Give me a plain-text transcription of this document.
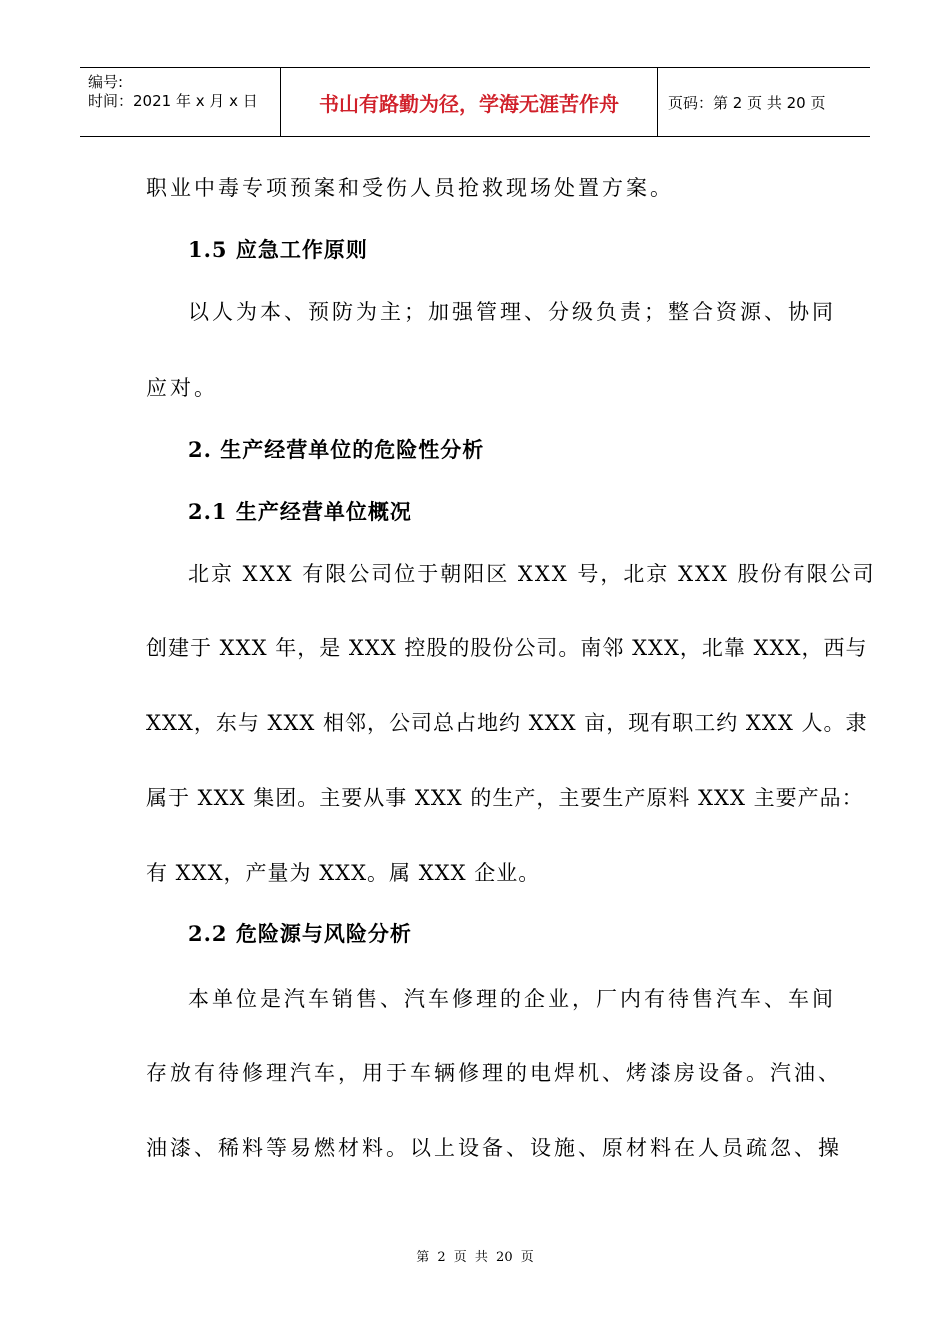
编号:
时间：2021 年 x 月 x 日	书山有路勤为径，学海无涯苦作舟	页码：第 2 页 共 20 页
职业中毒专项预案和受伤人员抢救现场处置方案。
1.5 应急工作原则
以人为本、预防为主；加强管理、分级负责；整合资源、协同
应对。
2. 生产经营单位的危险性分析
2.1 生产经营单位概况
北京 XXX 有限公司位于朝阳区 XXX 号，北京 XXX 股份有限公司
创建于 XXX 年，是 XXX 控股的股份公司。南邻 XXX，北靠 XXX，西与
XXX，东与 XXX 相邻，公司总占地约 XXX 亩，现有职工约 XXX 人。隶
属于 XXX 集团。主要从事 XXX 的生产，主要生产原料 XXX 主要产品：
有 XXX，产量为 XXX。属 XXX 企业。
2.2 危险源与风险分析
本单位是汽车销售、汽车修理的企业，厂内有待售汽车、车间
存放有待修理汽车，用于车辆修理的电焊机、烤漆房设备。汽油、
油漆、稀料等易燃材料。以上设备、设施、原材料在人员疏忽、操
第 2 页 共 20 页
